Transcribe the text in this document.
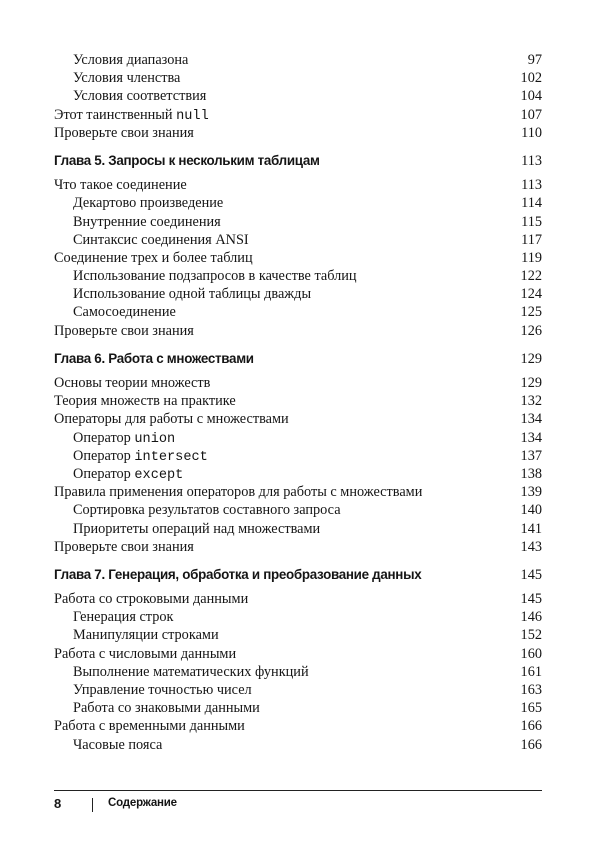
Условия диапазона	97
Условия членства	102
Условия соответствия	104
Этот таинственный null	107
Проверьте свои знания	110
Глава 5. Запросы к нескольким таблицам	113
Что такое соединение	113
Декартово произведение	114
Внутренние соединения	115
Синтаксис соединения ANSI	117
Соединение трех и более таблиц	119
Использование подзапросов в качестве таблиц	122
Использование одной таблицы дважды	124
Самосоединение	125
Проверьте свои знания	126
Глава 6. Работа с множествами	129
Основы теории множеств	129
Теория множеств на практике	132
Операторы для работы с множествами	134
Оператор union	134
Оператор intersect	137
Оператор except	138
Правила применения операторов для работы с множествами	139
Сортировка результатов составного запроса	140
Приоритеты операций над множествами	141
Проверьте свои знания	143
Глава 7. Генерация, обработка и преобразование данных	145
Работа со строковыми данными	145
Генерация строк	146
Манипуляции строками	152
Работа с числовыми данными	160
Выполнение математических функций	161
Управление точностью чисел	163
Работа со знаковыми данными	165
Работа с временными данными	166
Часовые пояса	166
8	Содержание
